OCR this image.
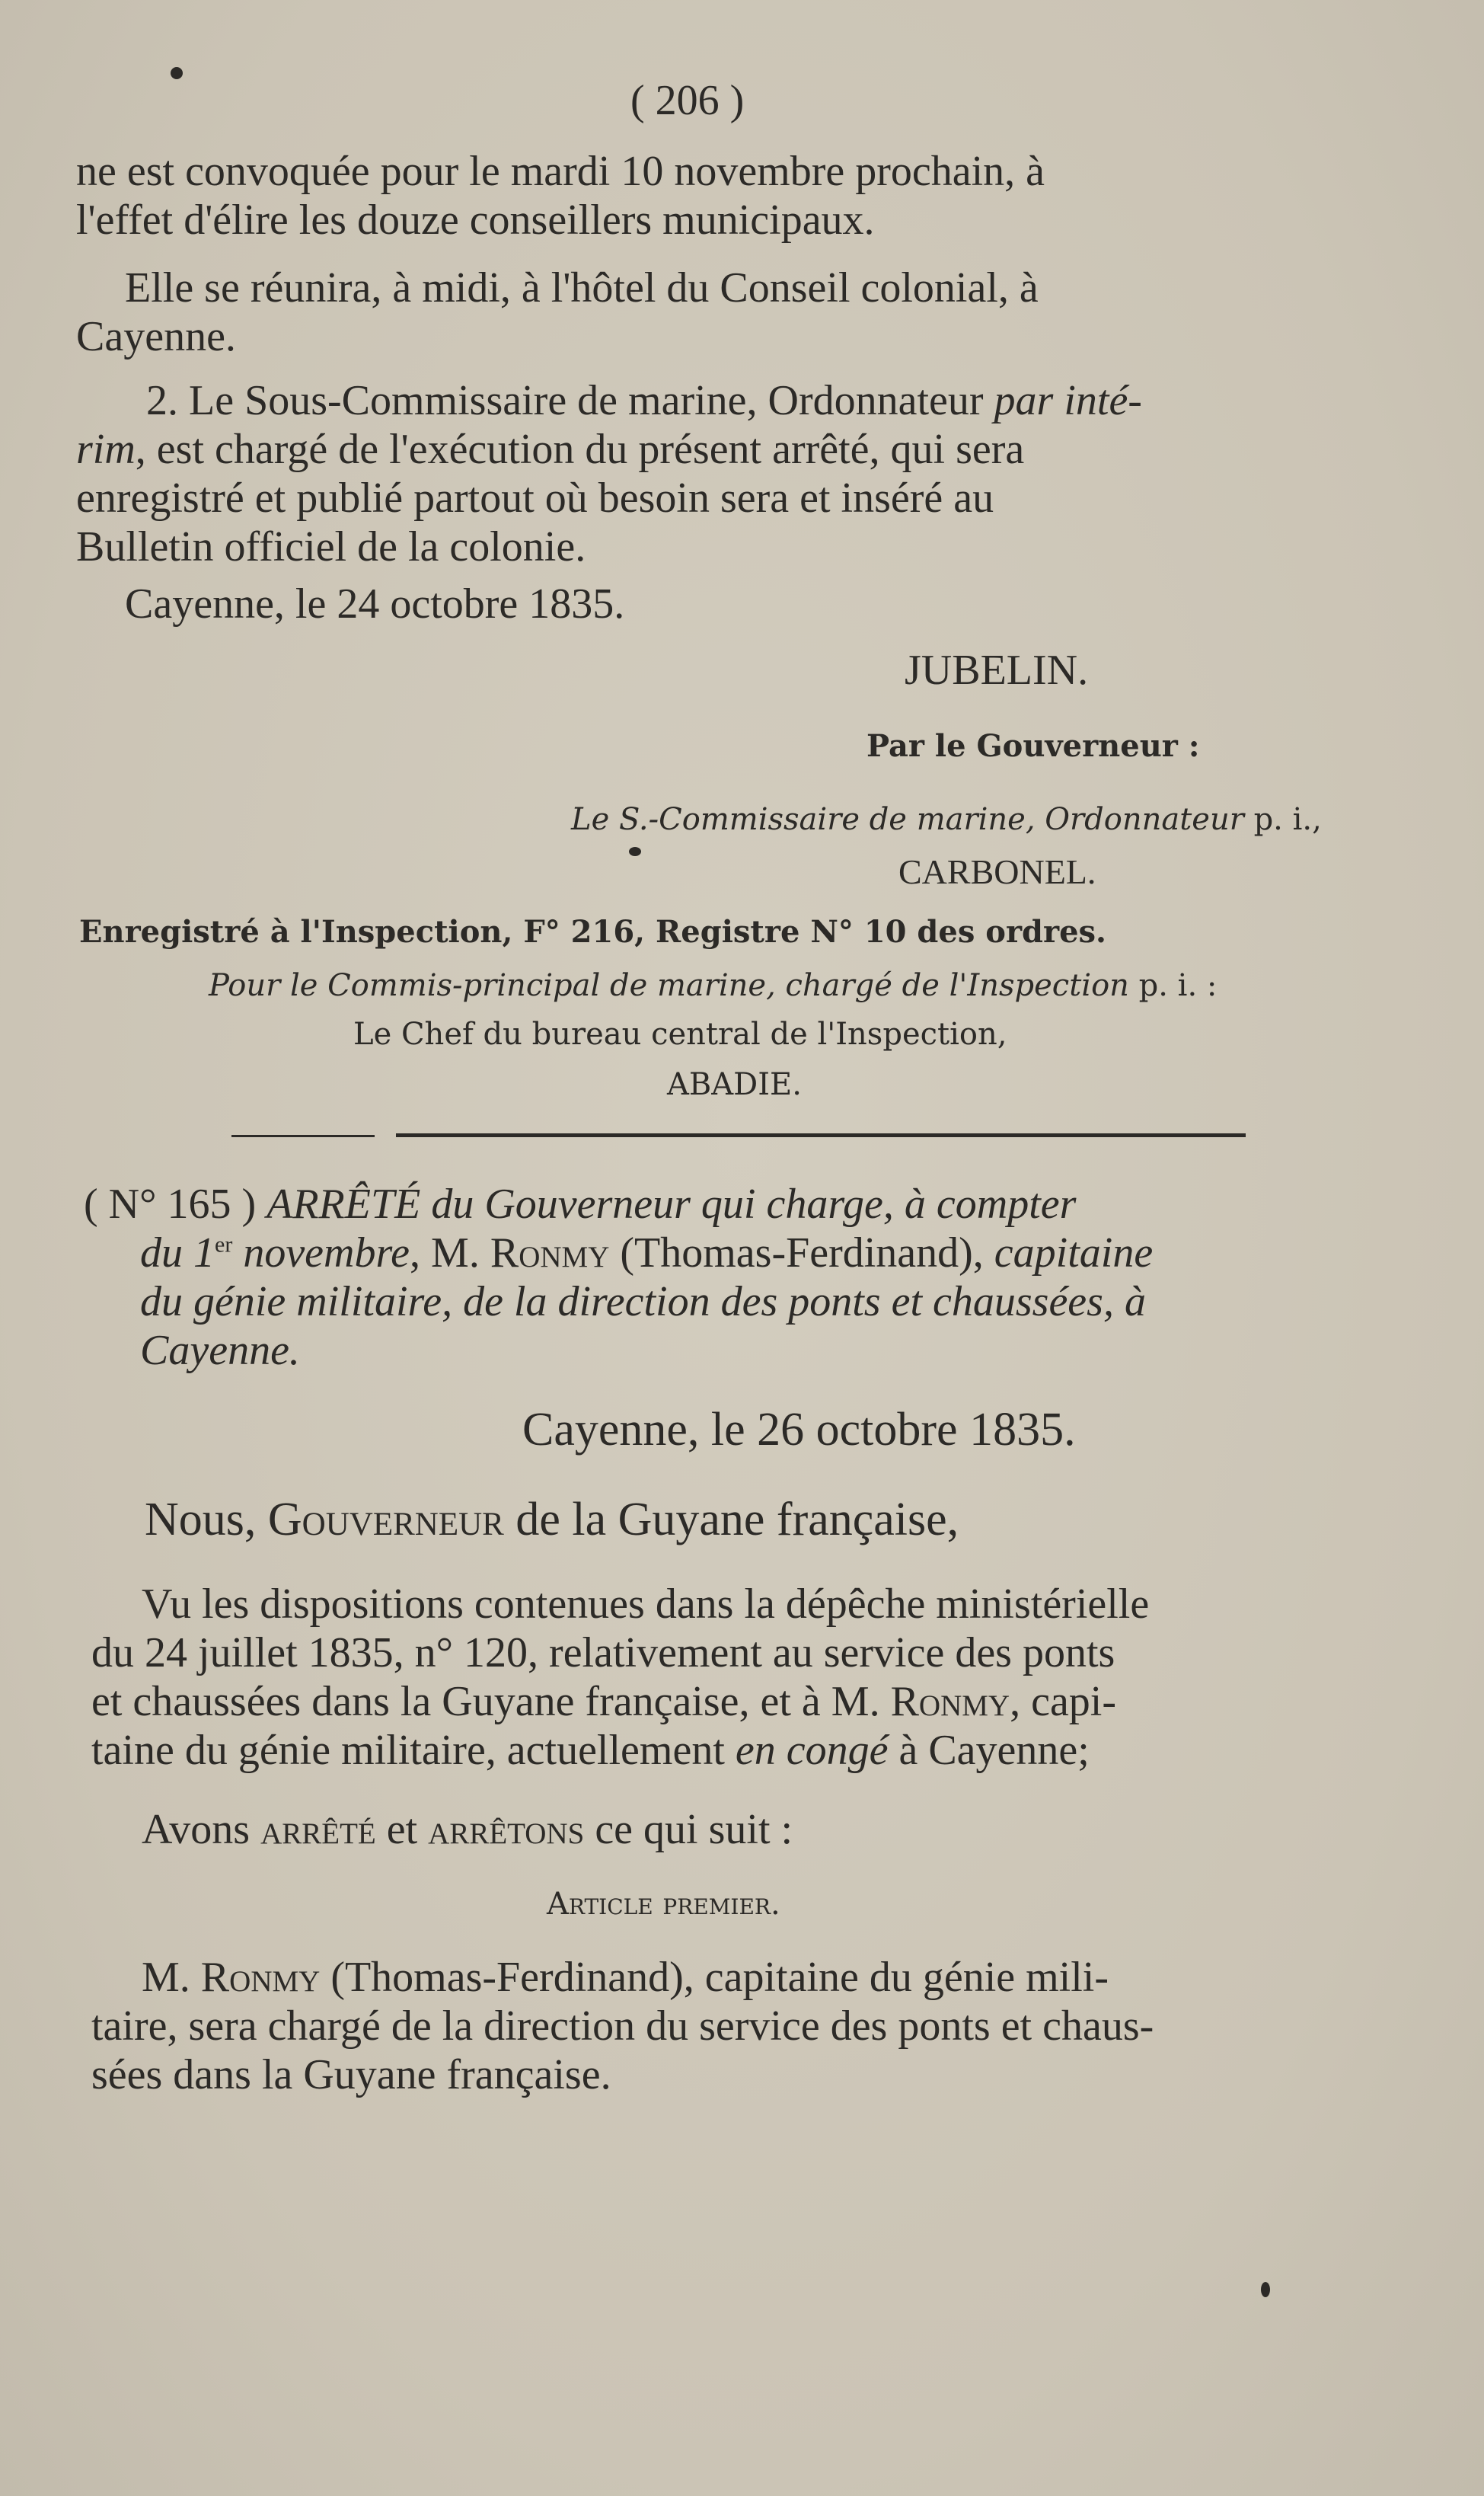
( 206 )
ne est convoquée pour le mardi 10 novembre prochain, à
l'effet d'élire les douze conseillers municipaux.
Elle se réunira, à midi, à l'hôtel du Conseil colonial, à
Cayenne.
2. Le Sous-Commissaire de marine, Ordonnateur par inté-
rim, est chargé de l'exécution du présent arrêté, qui sera
enregistré et publié partout où besoin sera et inséré au
Bulletin officiel de la colonie.
Cayenne, le 24 octobre 1835.
JUBELIN.
Par le Gouverneur :
Le S.-Commissaire de marine, Ordonnateur p. i.,
CARBONEL.
Enregistré à l'Inspection, F° 216, Registre N° 10 des ordres.
Pour le Commis-principal de marine, chargé de l'Inspection p. i. :
Le Chef du bureau central de l'Inspection,
ABADIE.
( N° 165 ) ARRÊTÉ du Gouverneur qui charge, à compter
du 1er novembre, M. Ronmy (Thomas-Ferdinand), capitaine
du génie militaire, de la direction des ponts et chaussées, à
Cayenne.
Cayenne, le 26 octobre 1835.
Nous, Gouverneur de la Guyane française,
Vu les dispositions contenues dans la dépêche ministérielle
du 24 juillet 1835, n° 120, relativement au service des ponts
et chaussées dans la Guyane française, et à M. Ronmy, capi-
taine du génie militaire, actuellement en congé à Cayenne;
Avons arrêté et arrêtons ce qui suit :
Article premier.
M. Ronmy (Thomas-Ferdinand), capitaine du génie mili-
taire, sera chargé de la direction du service des ponts et chaus-
sées dans la Guyane française.
